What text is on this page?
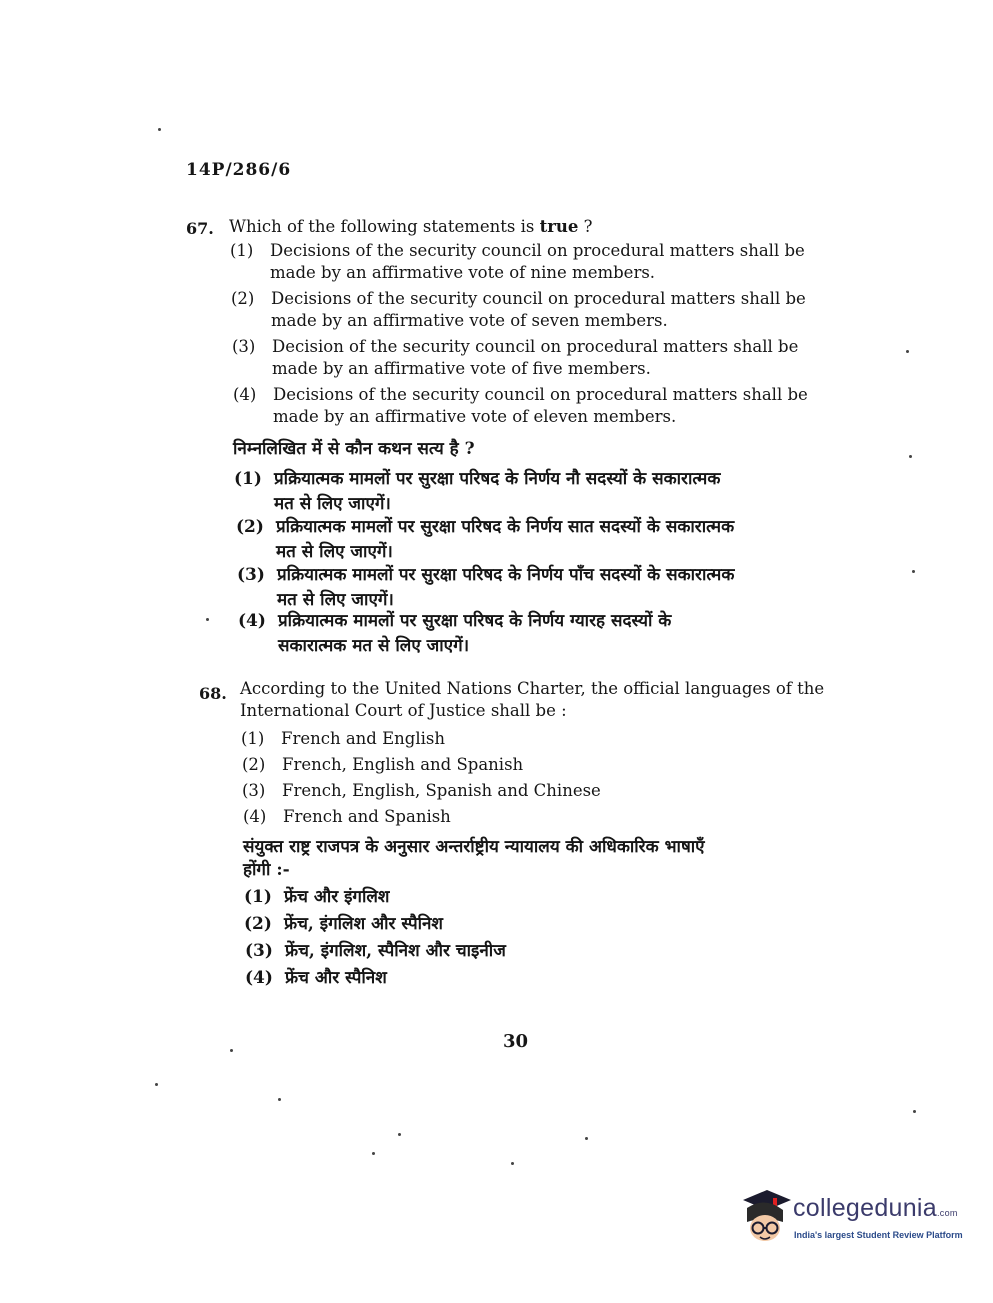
14P/286/6
67. Which of the following statements is true ?
(1)	Decisions of the security council on procedural matters shall be
made by an affirmative vote of nine members.
(2)	Decisions of the security council on procedural matters shall be
made by an affirmative vote of seven members.
(3)	Decision of the security council on procedural matters shall be
made by an affirmative vote of five members.
(4)	Decisions of the security council on procedural matters shall be
made by an affirmative vote of eleven members.
निम्नलिखित में से कौन कथन सत्य है ?
(1) प्रक्रियात्मक मामलों पर सुरक्षा परिषद के निर्णय नौ सदस्यों के सकारात्मक
मत से लिए जाएगें।
(2) प्रक्रियात्मक मामलों पर सुरक्षा परिषद के निर्णय सात सदस्यों के सकारात्मक
मत से लिए जाएगें।
(3) प्रक्रियात्मक मामलों पर सुरक्षा परिषद के निर्णय पाँच सदस्यों के सकारात्मक
मत से लिए जाएगें।
(4) प्रक्रियात्मक मामलों पर सुरक्षा परिषद के निर्णय ग्यारह सदस्यों के
सकारात्मक मत से लिए जाएगें।
68. According to the United Nations Charter, the official languages of the
International Court of Justice shall be :
(1)	French and English
(2)	French, English and Spanish
(3)	French, English, Spanish and Chinese
(4)	French and Spanish
संयुक्त राष्ट्र राजपत्र के अनुसार अन्तर्राष्ट्रीय न्यायालय की अधिकारिक भाषाएँ
होंगी :-
(1) फ्रेंच और इंगलिश
(2) फ्रेंच, इंगलिश और स्पैनिश
(3) फ्रेंच, इंगलिश, स्पैनिश और चाइनीज
(4) फ्रेंच और स्पैनिश
30
collegedunia.com
India's largest Student Review Platform
